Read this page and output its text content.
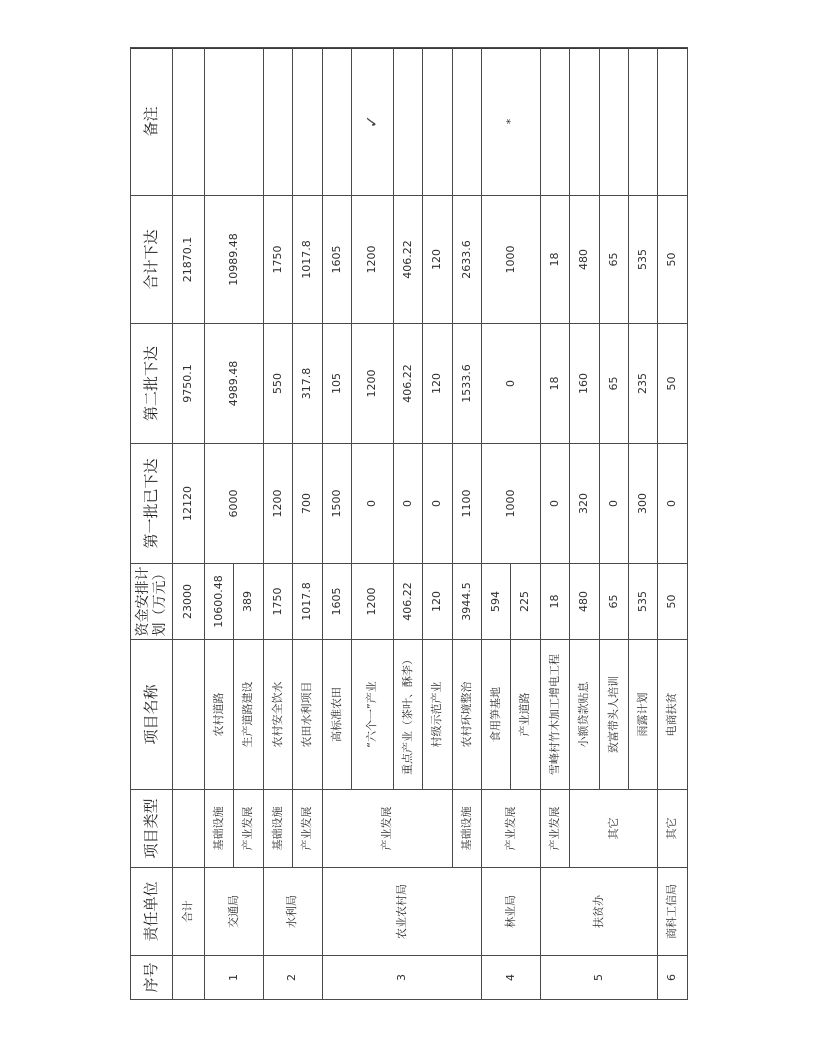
序号	责任单位	项目类型	项目名称	资金安排计划（万元）	第一批已下达	第二批下达	合计下达	备注
	合计			23000	12120	9750.1	21870.1	
1	交通局	基础设施	农村道路	10600.48	6000	4989.48	10989.48	
		产业发展	生产道路建设	389				
2	水利局	基础设施	农村安全饮水	1750	1200	550	1750	
		产业发展	农田水利项目	1017.8	700	317.8	1017.8	
3	农业农村局	产业发展	高标准农田	1605	1500	105	1605	
			“六个一”产业	1200	0	1200	1200	✓
			重点产业（茶叶、酥李）	406.22	0	406.22	406.22	
			村级示范产业	120	0	120	120	
		基础设施	农村环境整治	3944.5	1100	1533.6	2633.6	
4	林业局	产业发展	食用笋基地	594	1000	0	1000	*
			产业道路	225				
5	扶贫办	产业发展	雪峰村竹木加工增电工程	18	0	18	18	
		其它	小额贷款贴息	480	320	160	480	
			致富带头人培训	65	0	65	65	
			雨露计划	535	300	235	535	
6	商科工信局	其它	电商扶贫	50	0	50	50	
